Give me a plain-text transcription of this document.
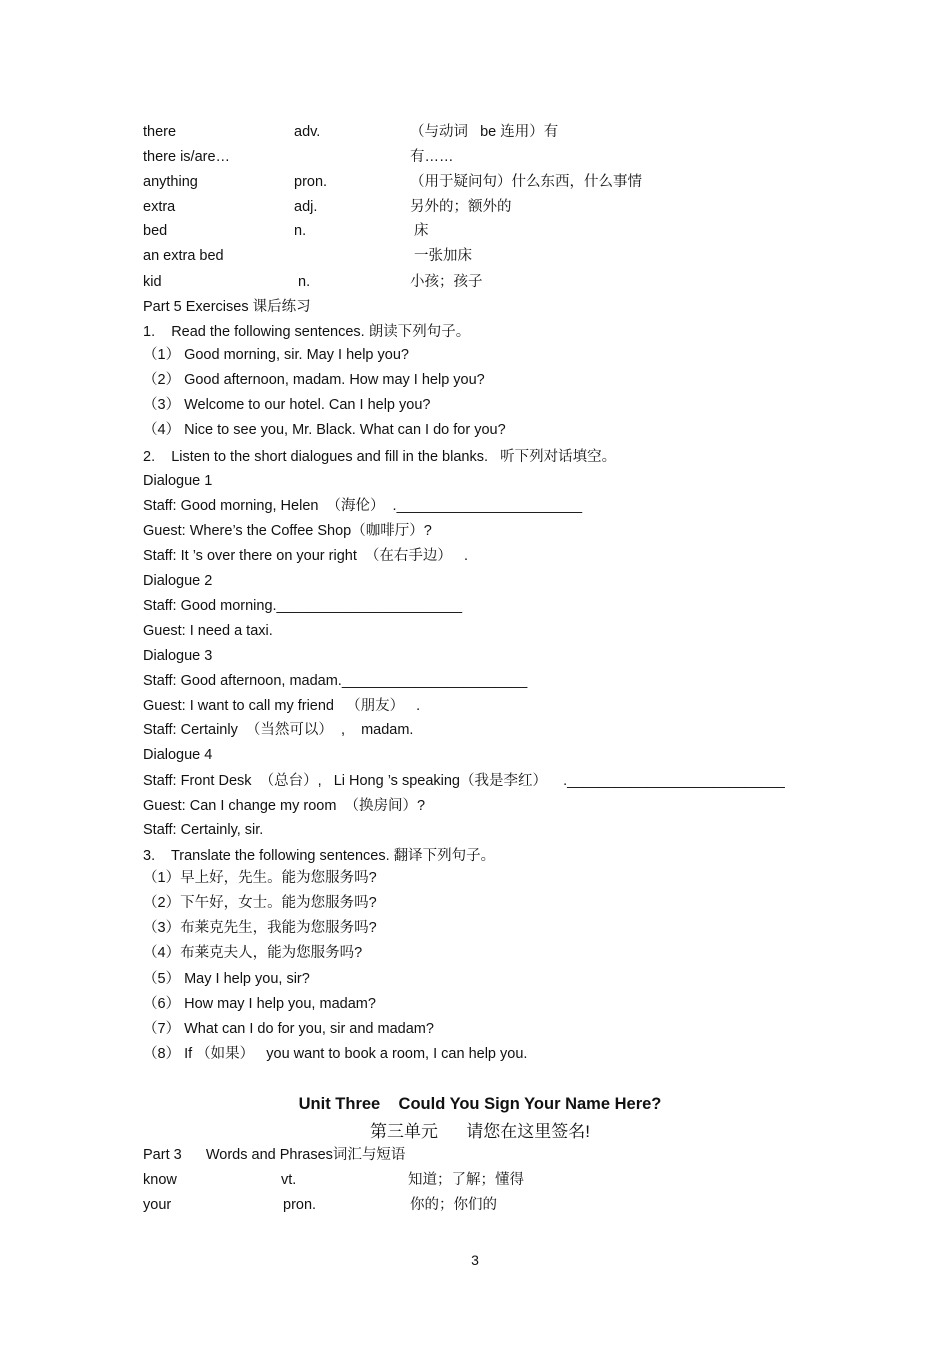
there	adv.	（与动词   be 连用）有
there is/are…	有……
anything	pron.	（用于疑问句）什么东西，什么事情
extra	adj.	另外的；额外的
bed	n.	床
an extra bed	一张加床
kid	n.	小孩；孩子
Part 5 Exercises 课后练习
1.    Read the following sentences. 朗读下列句子。
（1） Good morning, sir. May I help you?
（2） Good afternoon, madam. How may I help you?
（3） Welcome to our hotel. Can I help you?
（4） Nice to see you, Mr. Black. What can I do for you?
2.    Listen to the short dialogues and fill in the blanks.   听下列对话填空。
Dialogue 1
Staff: Good morning, Helen  （海伦）  ._______________________
Guest: Where’s the Coffee Shop（咖啡厅）?
Staff: It ’s over there on your right  （在右手边）   .
Dialogue 2
Staff: Good morning._______________________
Guest: I need a taxi.
Dialogue 3
Staff: Good afternoon, madam._______________________
Guest: I want to call my friend   （朋友）   .
Staff: Certainly  （当然可以）  ,    madam.
Dialogue 4
Staff: Front Desk  （总台）,   Li Hong ’s speaking（我是李红）    .___________________________
Guest: Can I change my room  （换房间）?
Staff: Certainly, sir.
3.    Translate the following sentences. 翻译下列句子。
（1）早上好，先生。能为您服务吗?
（2）下午好，女士。能为您服务吗?
（3）布莱克先生，我能为您服务吗?
（4）布莱克夫人，能为您服务吗?
（5） May I help you, sir?
（6） How may I help you, madam?
（7） What can I do for you, sir and madam?
（8） If （如果）   you want to book a room, I can help you.
Unit Three    Could You Sign Your Name Here?
第三单元      请您在这里签名!
Part 3      Words and Phrases词汇与短语
know	vt.	知道；了解；懂得
your	pron.	你的；你们的
3
